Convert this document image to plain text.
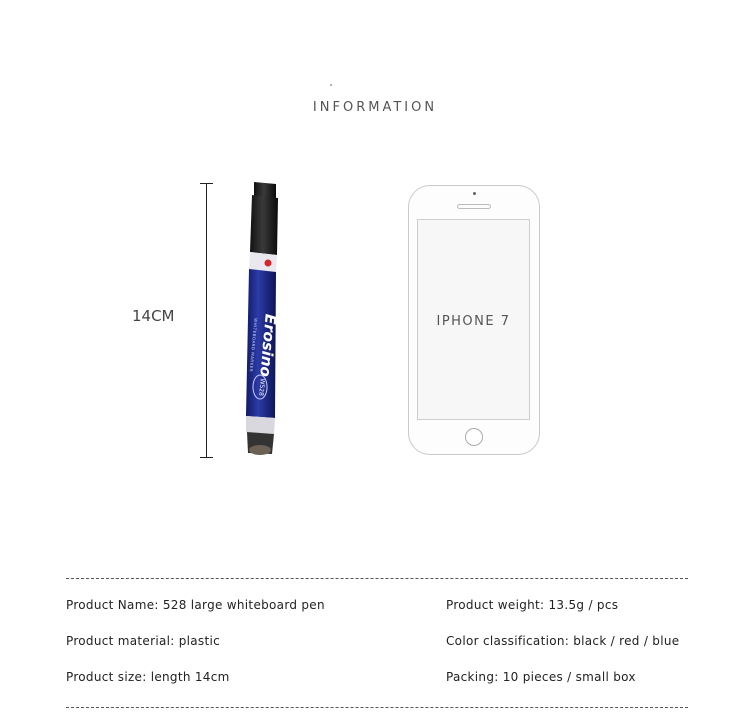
INFORMATION
14CM	Erosino
WHITEBOARD MARKER
W528
IPHONE 7
Product Name: 528 large whiteboard pen	Product weight: 13.5g / pcs
Product material: plastic	Color classification: black / red / blue
Product size: length 14cm	Packing: 10 pieces / small box
